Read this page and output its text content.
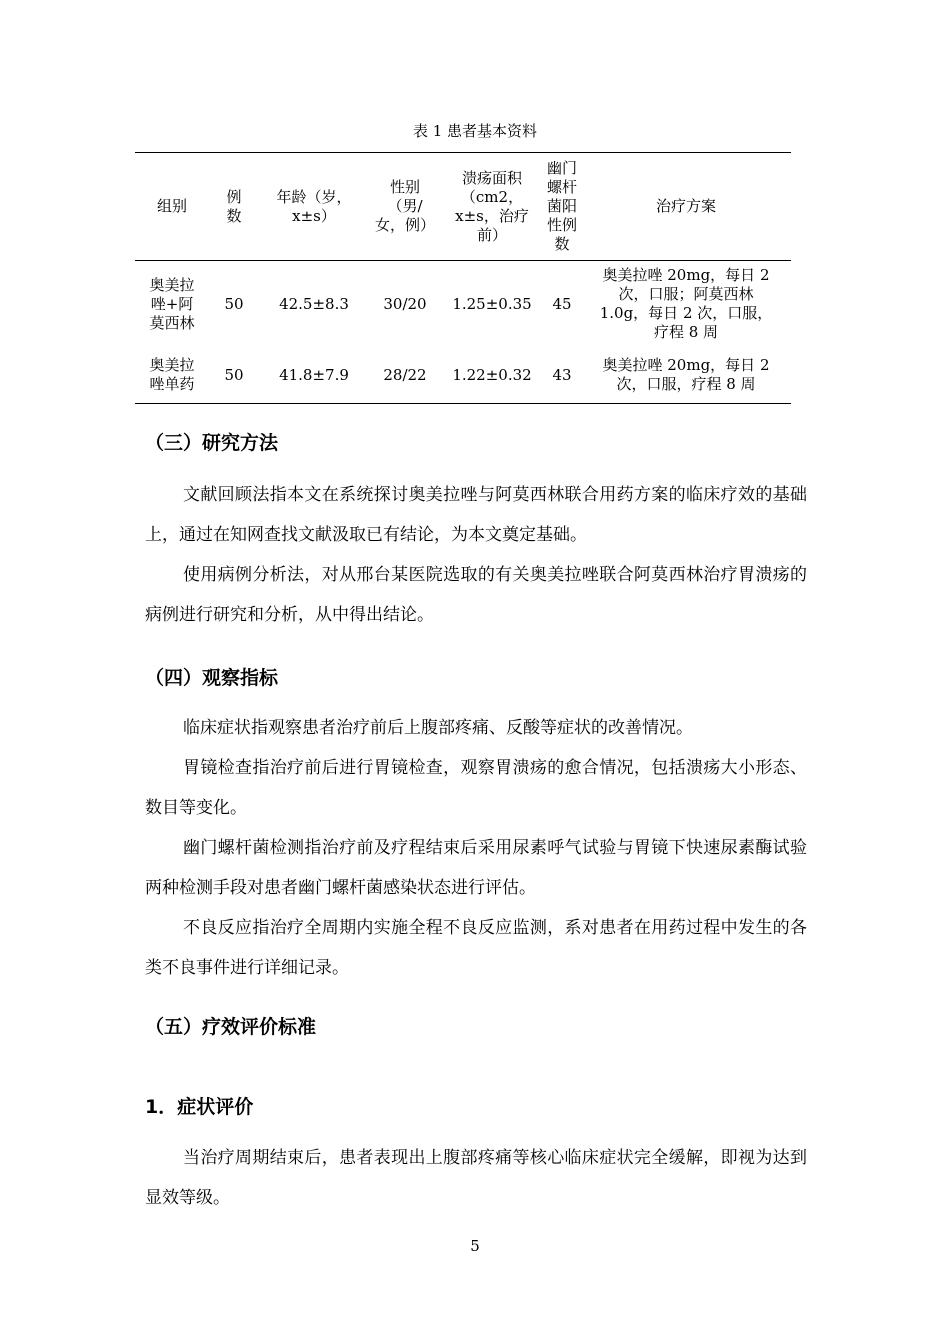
表 1 患者基本资料
组别	例数	年龄（岁，x±s）	性别（男/女，例）	溃疡面积（cm2，x±s，治疗前）	幽门螺杆菌阳性例数	治疗方案

奥美拉唑+阿莫西林	50	42.5±8.3	30/20	1.25±0.35	45	奥美拉唑 20mg，每日 2 次，口服；阿莫西林 1.0g，每日 2 次，口服，疗程 8 周

奥美拉唑单药	50	41.8±7.9	28/22	1.22±0.32	43	奥美拉唑 20mg，每日 2 次，口服，疗程 8 周
（三）研究方法
文献回顾法指本文在系统探讨奥美拉唑与阿莫西林联合用药方案的临床疗效的基础上，通过在知网查找文献汲取已有结论，为本文奠定基础。
使用病例分析法，对从邢台某医院选取的有关奥美拉唑联合阿莫西林治疗胃溃疡的病例进行研究和分析，从中得出结论。
（四）观察指标
临床症状指观察患者治疗前后上腹部疼痛、反酸等症状的改善情况。
胃镜检查指治疗前后进行胃镜检查，观察胃溃疡的愈合情况，包括溃疡大小形态、数目等变化。
幽门螺杆菌检测指治疗前及疗程结束后采用尿素呼气试验与胃镜下快速尿素酶试验两种检测手段对患者幽门螺杆菌感染状态进行评估。
不良反应指治疗全周期内实施全程不良反应监测，系对患者在用药过程中发生的各类不良事件进行详细记录。
（五）疗效评价标准
1．症状评价
当治疗周期结束后，患者表现出上腹部疼痛等核心临床症状完全缓解，即视为达到显效等级。
5
